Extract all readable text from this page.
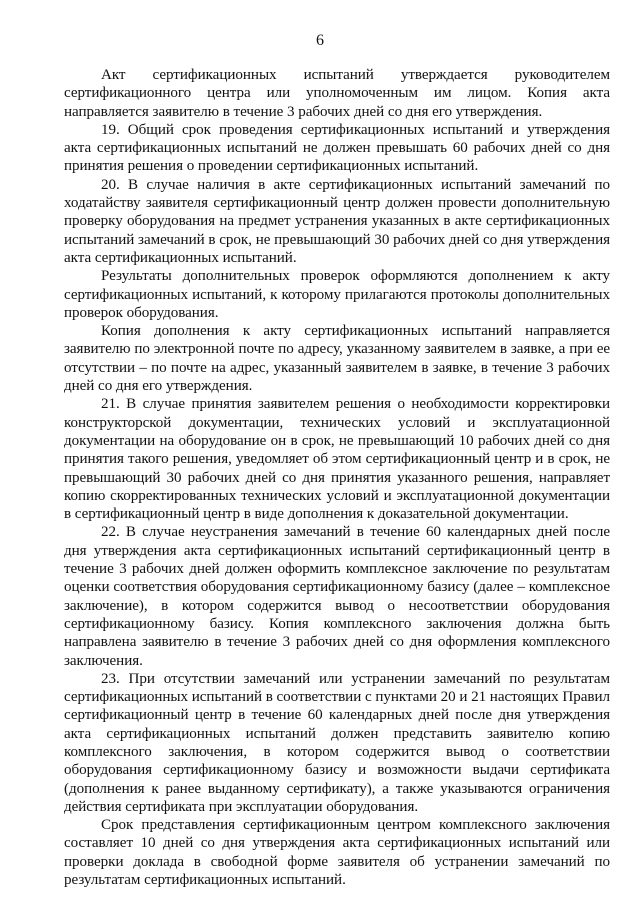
6

Акт сертификационных испытаний утверждается руководителем сертификационного центра или уполномоченным им лицом. Копия акта направляется заявителю в течение 3 рабочих дней со дня его утверждения.

19. Общий срок проведения сертификационных испытаний и утверждения акта сертификационных испытаний не должен превышать 60 рабочих дней со дня принятия решения о проведении сертификационных испытаний.

20. В случае наличия в акте сертификационных испытаний замечаний по ходатайству заявителя сертификационный центр должен провести дополнительную проверку оборудования на предмет устранения указанных в акте сертификационных испытаний замечаний в срок, не превышающий 30 рабочих дней со дня утверждения акта сертификационных испытаний.

Результаты дополнительных проверок оформляются дополнением к акту сертификационных испытаний, к которому прилагаются протоколы дополнительных проверок оборудования.

Копия дополнения к акту сертификационных испытаний направляется заявителю по электронной почте по адресу, указанному заявителем в заявке, а при ее отсутствии – по почте на адрес, указанный заявителем в заявке, в течение 3 рабочих дней со дня его утверждения.

21. В случае принятия заявителем решения о необходимости корректировки конструкторской документации, технических условий и эксплуатационной документации на оборудование он в срок, не превышающий 10 рабочих дней со дня принятия такого решения, уведомляет об этом сертификационный центр и в срок, не превышающий 30 рабочих дней со дня принятия указанного решения, направляет копию скорректированных технических условий и эксплуатационной документации в сертификационный центр в виде дополнения к доказательной документации.

22. В случае неустранения замечаний в течение 60 календарных дней после дня утверждения акта сертификационных испытаний сертификационный центр в течение 3 рабочих дней должен оформить комплексное заключение по результатам оценки соответствия оборудования сертификационному базису (далее – комплексное заключение), в котором содержится вывод о несоответствии оборудования сертификационному базису. Копия комплексного заключения должна быть направлена заявителю в течение 3 рабочих дней со дня оформления комплексного заключения.

23. При отсутствии замечаний или устранении замечаний по результатам сертификационных испытаний в соответствии с пунктами 20 и 21 настоящих Правил сертификационный центр в течение 60 календарных дней после дня утверждения акта сертификационных испытаний должен представить заявителю копию комплексного заключения, в котором содержится вывод о соответствии оборудования сертификационному базису и возможности выдачи сертификата (дополнения к ранее выданному сертификату), а также указываются ограничения действия сертификата при эксплуатации оборудования.

Срок представления сертификационным центром комплексного заключения составляет 10 дней со дня утверждения акта сертификационных испытаний или проверки доклада в свободной форме заявителя об устранении замечаний по результатам сертификационных испытаний.
